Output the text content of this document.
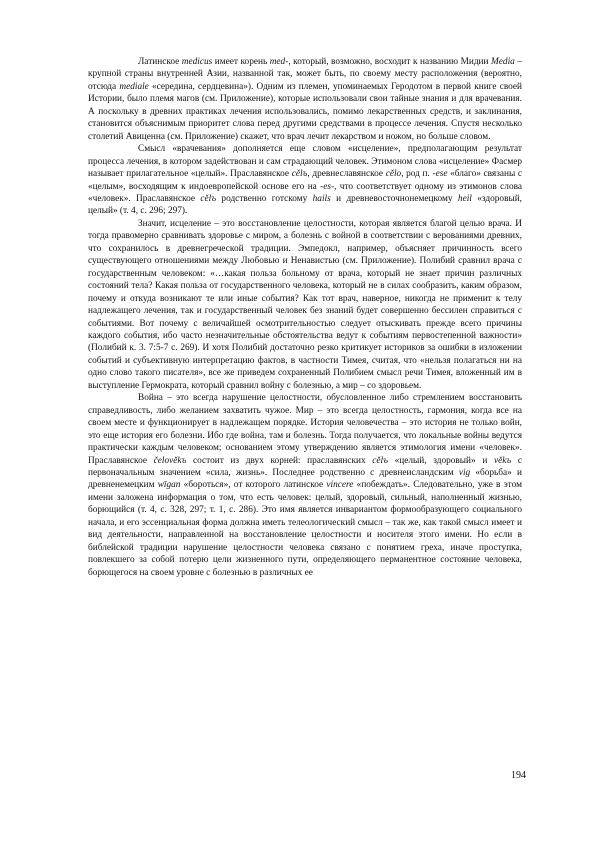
Латинское medicus имеет корень med-, который, возможно, восходит к названию Мидии Media – крупной страны внутренней Азии, названной так, может быть, по своему месту расположения (вероятно, отсюда mediale «середина, сердцевина»). Одним из племен, упоминаемых Геродотом в первой книге своей Истории, было племя магов (см. Приложение), которые использовали свои тайные знания и для врачевания. А поскольку в древних практиках лечения использовались, помимо лекарственных средств, и заклинания, становится объяснимым приоритет слова перед другими средствами в процессе лечения. Спустя несколько столетий Авиценна (см. Приложение) скажет, что врач лечит лекарством и ножом, но больше словом.

Смысл «врачевания» дополняется еще словом «исцеление», предполагающим результат процесса лечения, в котором задействован и сам страдающий человек. Этимоном слова «исцеление» Фасмер называет прилагательное «целый». Праславянское cělъ, древнеславянское cělo, род п. -ese «благо» связаны с «целым», восходящим к индоевропейской основе его на -es-, что соответствует одному из этимонов слова «человек». Праславянское cělъ родственно готскому hails и древневосточнонемецкому heil «здоровый, целый» (т. 4, с. 296; 297).

Значит, исцеление – это восстановление целостности, которая является благой целью врача. И тогда правомерно сравнивать здоровье с миром, а болезнь с войной в соответствии с верованиями древних, что сохранилось в древнегреческой традиции. Эмпедокл, например, объясняет причинность всего существующего отношениями между Любовью и Ненавистью (см. Приложение). Полибий сравнил врача с государственным человеком: «…какая польза больному от врача, который не знает причин различных состояний тела? Какая польза от государственного человека, который не в силах сообразить, каким образом, почему и откуда возникают те или иные события? Как тот врач, наверное, никогда не применит к телу надлежащего лечения, так и государственный человек без знаний будет совершенно бессилен справиться с событиями. Вот почему с величайшей осмотрительностью следует отыскивать прежде всего причины каждого события, ибо часто незначительные обстоятельства ведут к событиям первостепенной важности» (Полибий к. 3. 7:5-7 с. 269). И хотя Полибий достаточно резко критикует историков за ошибки в изложении событий и субъективную интерпретацию фактов, в частности Тимея, считая, что «нельзя полагаться ни на одно слово такого писателя», все же приведем сохраненный Полибием смысл речи Тимея, вложенный им в выступление Гермократа, который сравнил войну с болезнью, а мир – со здоровьем.

Война – это всегда нарушение целостности, обусловленное либо стремлением восстановить справедливость, либо желанием захватить чужое. Мир – это всегда целостность, гармония, когда все на своем месте и функционирует в надлежащем порядке. История человечества – это история не только войн, это еще история его болезни. Ибо где война, там и болезнь. Тогда получается, что локальные войны ведутся практически каждым человеком; основанием этому утверждению является этимология имени «человек». Праславянское čelověkъ состоит из двух корней: праславянских cělъ «целый, здоровый» и věkъ с первоначальным значением «сила, жизнь». Последнее родственно с древнеисландским vig «борьба» и древненемецким wīgan «бороться», от которого латинское vincere «побеждать». Следовательно, уже в этом имени заложена информация о том, что есть человек: целый, здоровый, сильный, наполненный жизнью, борющийся (т. 4, с. 328, 297; т. 1, с. 286). Это имя является инвариантом формообразующего социального начала, и его эссенциальная форма должна иметь телеологический смысл – так же, как такой смысл имеет и вид деятельности, направленной на восстановление целостности и носителя этого имени. Но если в библейской традиции нарушение целостности человека связано с понятием греха, иначе проступка, повлекшего за собой потерю цели жизненного пути, определяющего перманентное состояние человека, борющегося на своем уровне с болезнью в различных ее

194
